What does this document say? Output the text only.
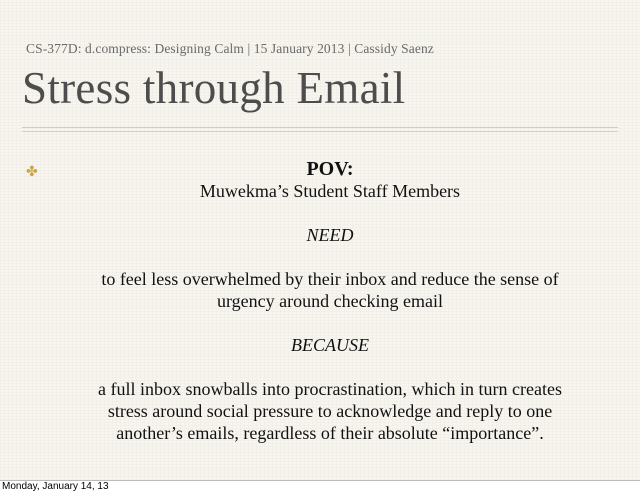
CS-377D: d.compress: Designing Calm | 15 January 2013 | Cassidy Saenz
Stress through Email
✤	POV:

Muwekma’s Student Staff Members

NEED

to feel less overwhelmed by their inbox and reduce the sense of

urgency around checking email

BECAUSE

a full inbox snowballs into procrastination, which in turn creates

stress around social pressure to acknowledge and reply to one

another’s emails, regardless of their absolute “importance”.

Monday, January 14, 13
